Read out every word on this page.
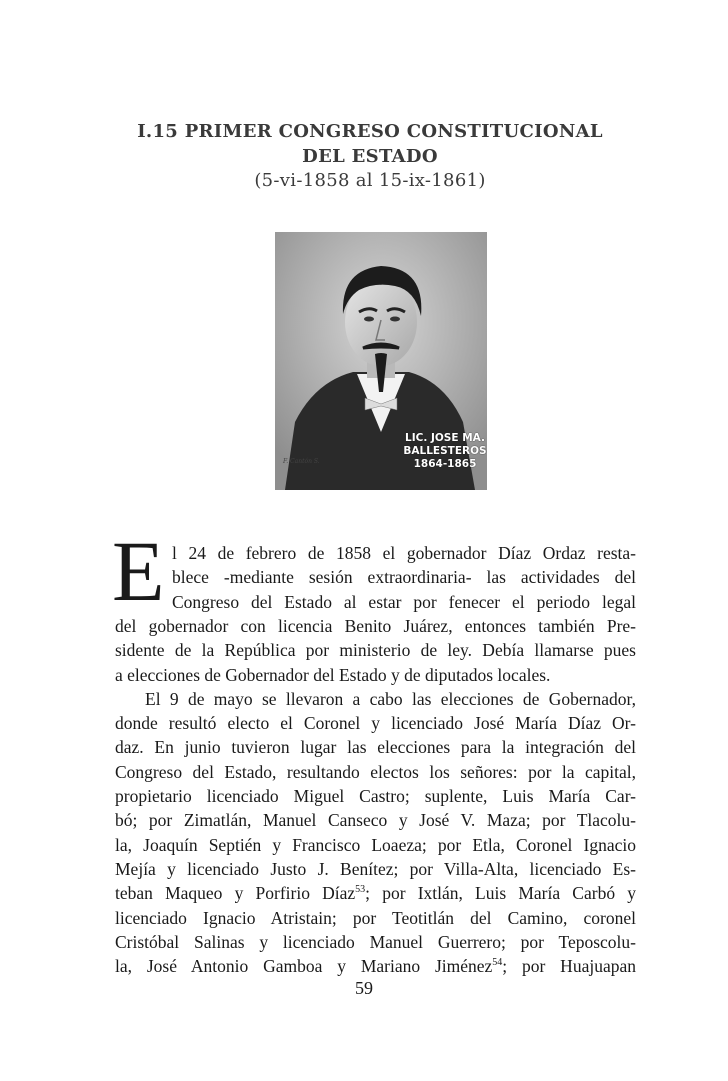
I.15 PRIMER CONGRESO CONSTITUCIONAL
DEL ESTADO
(5-vi-1858 al 15-ix-1861)
LIC. JOSE MA.
BALLESTEROS
1864-1865
F. Cantón S.
E l 24 de febrero de 1858 el gobernador Díaz Ordaz resta-
blece -mediante sesión extraordinaria- las actividades del
Congreso del Estado al estar por fenecer el periodo legal
del gobernador con licencia Benito Juárez, entonces también Pre-
sidente de la República por ministerio de ley. Debía llamarse pues
a elecciones de Gobernador del Estado y de diputados locales.
El 9 de mayo se llevaron a cabo las elecciones de Gobernador,
donde resultó electo el Coronel y licenciado José María Díaz Or-
daz. En junio tuvieron lugar las elecciones para la integración del
Congreso del Estado, resultando electos los señores: por la capital,
propietario licenciado Miguel Castro; suplente, Luis María Car-
bó; por Zimatlán, Manuel Canseco y José V. Maza; por Tlacolu-
la, Joaquín Septién y Francisco Loaeza; por Etla, Coronel Ignacio
Mejía y licenciado Justo J. Benítez; por Villa-Alta, licenciado Es-
teban Maqueo y Porfirio Díaz$^{53}$; por Ixtlán, Luis María Carbó y
licenciado Ignacio Atristain; por Teotitlán del Camino, coronel
Cristóbal Salinas y licenciado Manuel Guerrero; por Teposcolu-
la, José Antonio Gamboa y Mariano Jiménez$^{54}$; por Huajuapan
59
